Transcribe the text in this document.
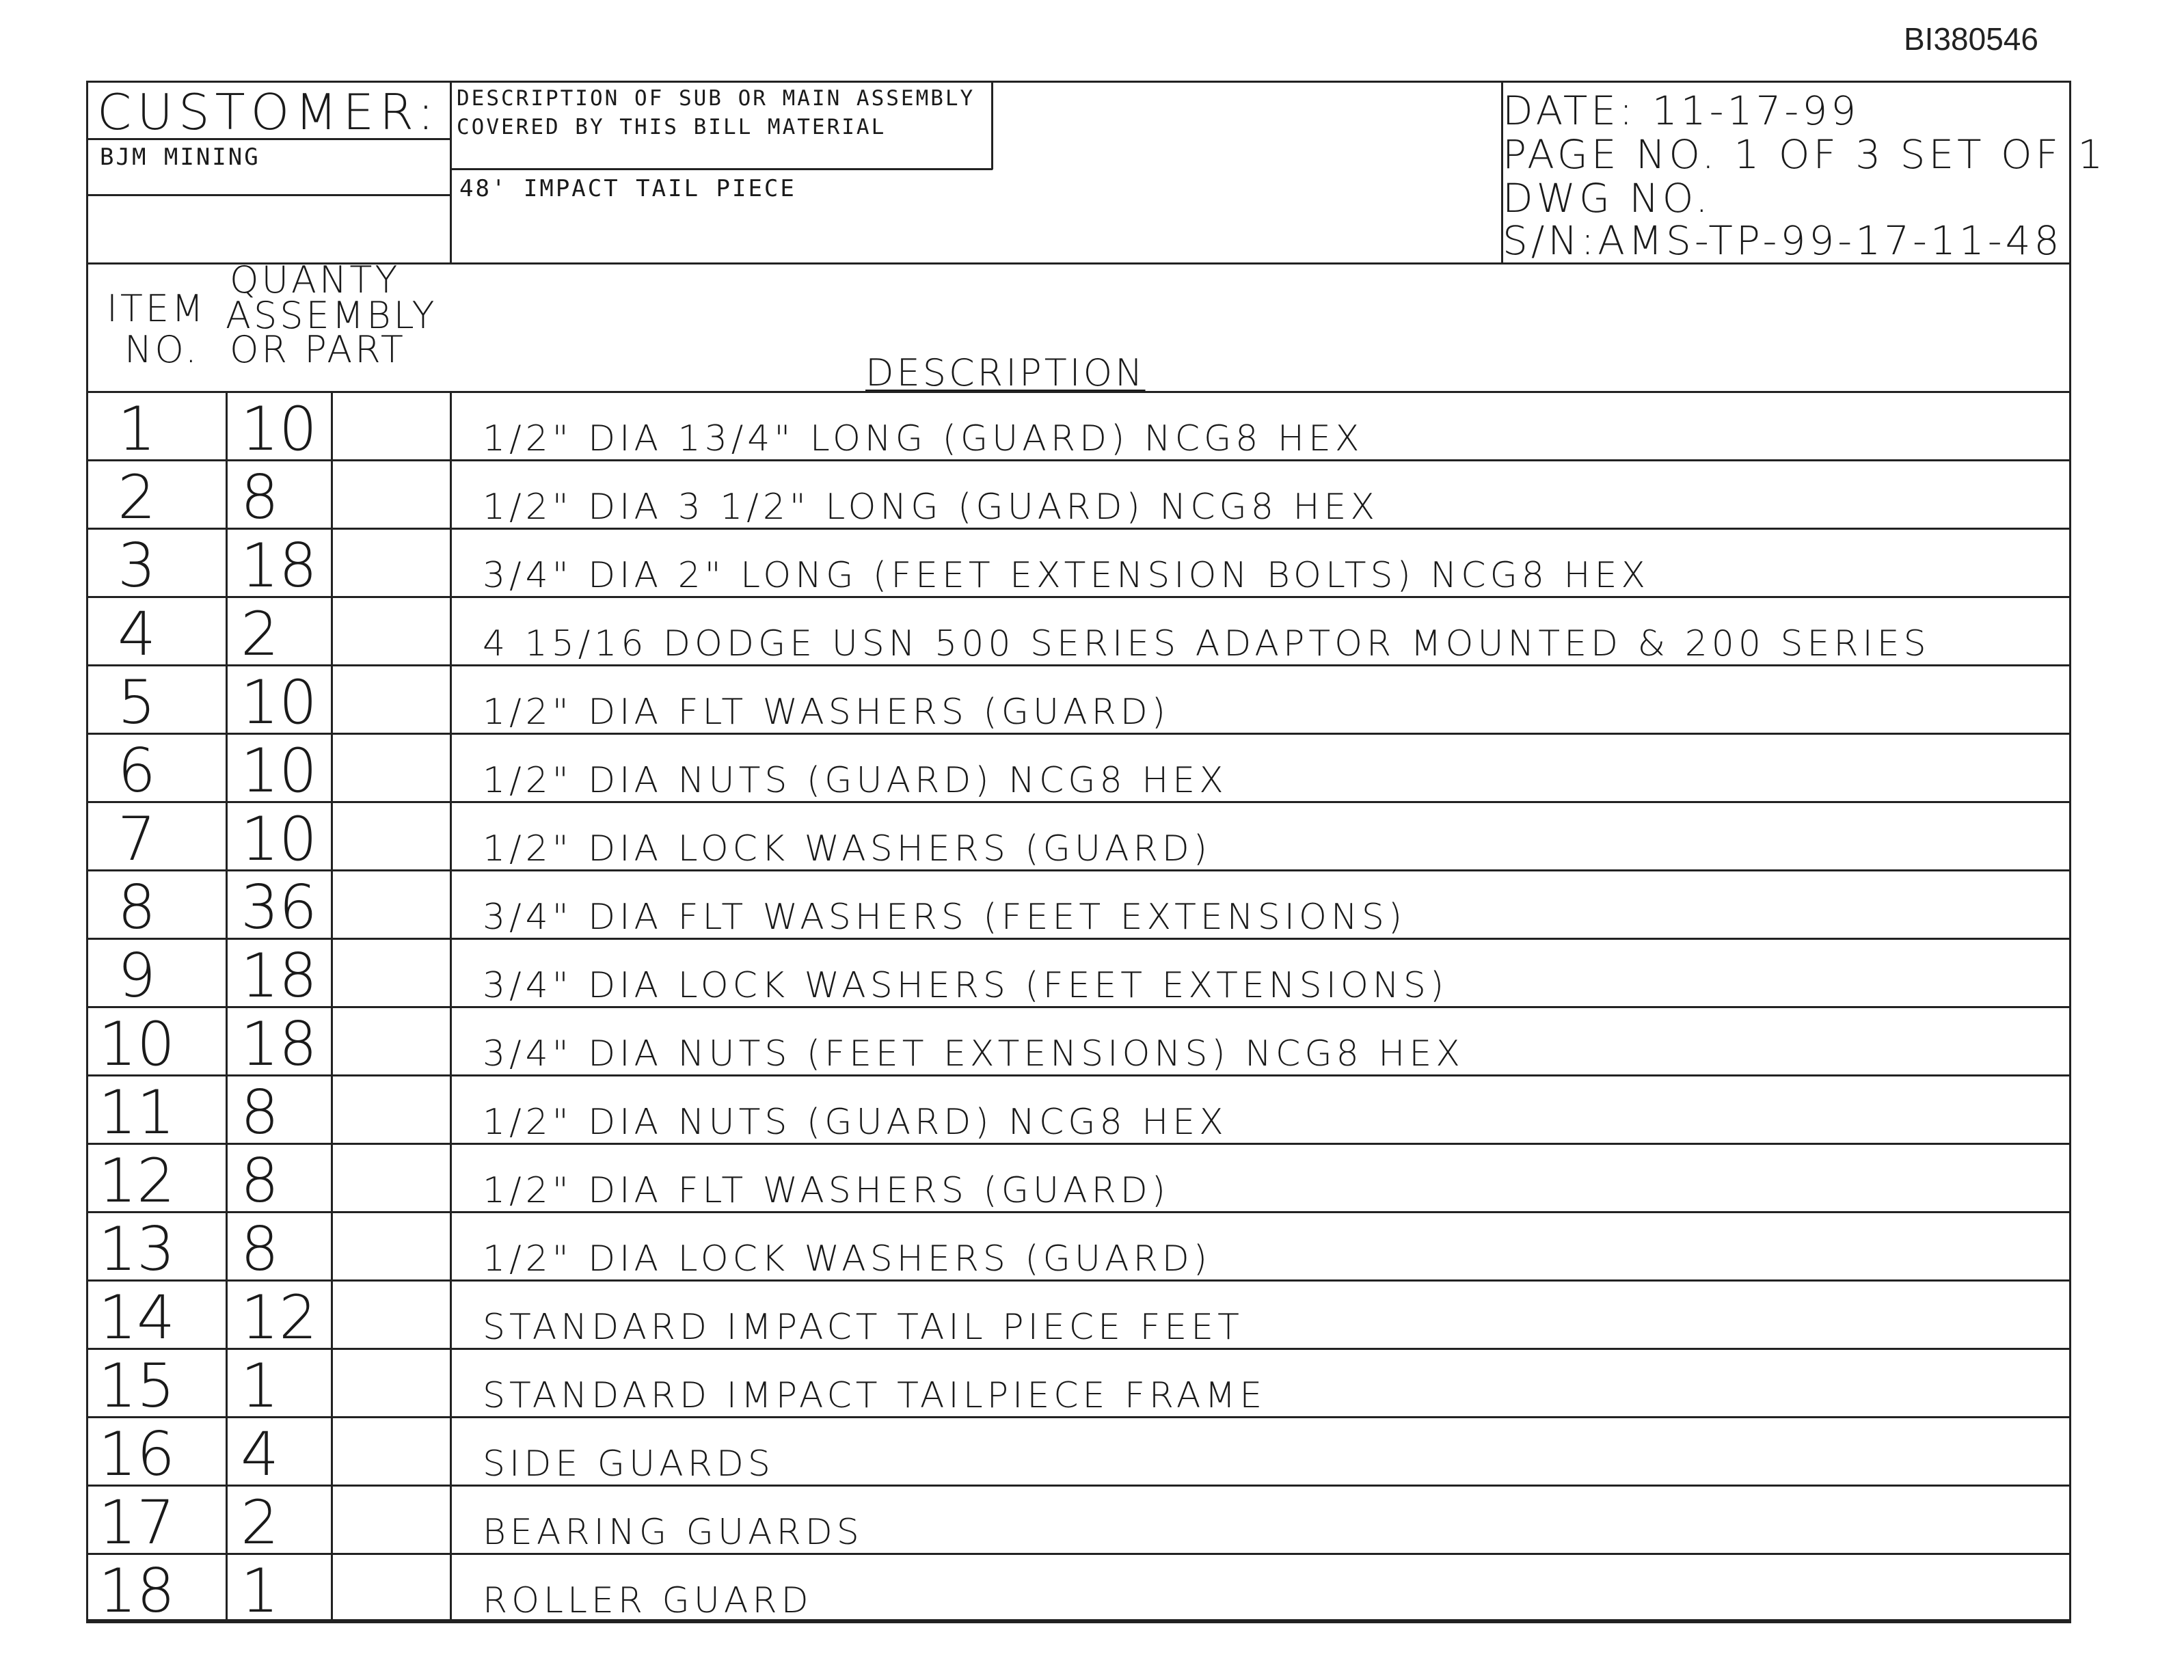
BI380546
CUSTOMER:
BJM MINING
DESCRIPTION OF SUB OR MAIN ASSEMBLY
COVERED BY THIS BILL MATERIAL
48' IMPACT TAIL PIECE
DATE: 11-17-99
PAGE NO. 1 OF 3 SET OF 1
DWG NO.
S/N:AMS-TP-99-17-11-48
ITEM
NO.
QUANTY
ASSEMBLY
OR PART
DESCRIPTION
1 10	1/2" DIA 13/4" LONG (GUARD) NCG8 HEX
2 8	1/2" DIA 3 1/2" LONG (GUARD) NCG8 HEX
3 18	3/4" DIA 2" LONG (FEET EXTENSION BOLTS) NCG8 HEX
4 2	4 15/16 DODGE USN 500 SERIES ADAPTOR MOUNTED & 200 SERIES
5 10	1/2" DIA FLT WASHERS (GUARD)
6 10	1/2" DIA NUTS (GUARD) NCG8 HEX
7 10	1/2" DIA LOCK WASHERS (GUARD)
8 36	3/4" DIA FLT WASHERS (FEET EXTENSIONS)
9 18	3/4" DIA LOCK WASHERS (FEET EXTENSIONS)
10 18	3/4" DIA NUTS (FEET EXTENSIONS) NCG8 HEX
11 8	1/2" DIA NUTS (GUARD) NCG8 HEX
12 8	1/2" DIA FLT WASHERS (GUARD)
13 8	1/2" DIA LOCK WASHERS (GUARD)
14 12	STANDARD IMPACT TAIL PIECE FEET
15 1	STANDARD IMPACT TAILPIECE FRAME
16 4	SIDE GUARDS
17 2	BEARING GUARDS
18 1	ROLLER GUARD
